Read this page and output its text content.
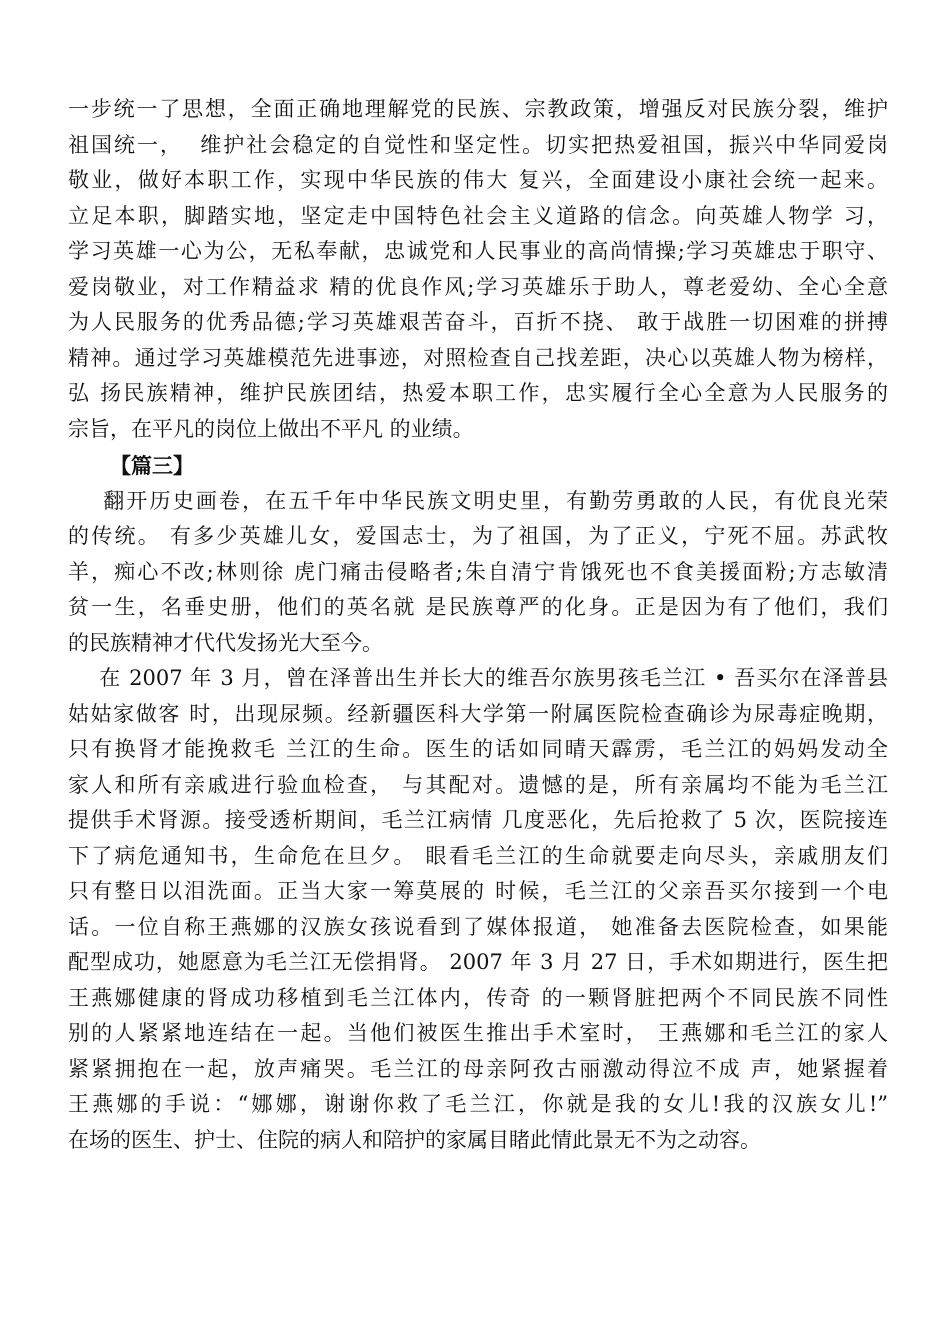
一步统一了思想，全面正确地理解党的民族、宗教政策，增强反对民族分裂，维护
祖国统一，  维护社会稳定的自觉性和坚定性。切实把热爱祖国，振兴中华同爱岗
敬业，做好本职工作，实现中华民族的伟大 复兴，全面建设小康社会统一起来。
立足本职，脚踏实地，坚定走中国特色社会主义道路的信念。向英雄人物学 习，
学习英雄一心为公，无私奉献，忠诚党和人民事业的高尚情操;学习英雄忠于职守、
爱岗敬业，对工作精益求 精的优良作风;学习英雄乐于助人，尊老爱幼、全心全意
为人民服务的优秀品德;学习英雄艰苦奋斗，百折不挠、 敢于战胜一切困难的拼搏
精神。通过学习英雄模范先进事迹，对照检查自己找差距，决心以英雄人物为榜样，
弘 扬民族精神，维护民族团结，热爱本职工作，忠实履行全心全意为人民服务的
宗旨，在平凡的岗位上做出不平凡 的业绩。
【篇三】
翻开历史画卷，在五千年中华民族文明史里，有勤劳勇敢的人民，有优良光荣
的传统。 有多少英雄儿女，爱国志士，为了祖国，为了正义，宁死不屈。苏武牧
羊，痴心不改;林则徐 虎门痛击侵略者;朱自清宁肯饿死也不食美援面粉;方志敏清
贫一生，名垂史册，他们的英名就 是民族尊严的化身。正是因为有了他们，我们
的民族精神才代代发扬光大至今。
在 2007 年 3 月，曾在泽普出生并长大的维吾尔族男孩毛兰江 • 吾买尔在泽普县
姑姑家做客 时，出现尿频。经新疆医科大学第一附属医院检查确诊为尿毒症晚期，
只有换肾才能挽救毛 兰江的生命。医生的话如同晴天霹雳，毛兰江的妈妈发动全
家人和所有亲戚进行验血检查， 与其配对。遗憾的是，所有亲属均不能为毛兰江
提供手术肾源。接受透析期间，毛兰江病情 几度恶化，先后抢救了 5 次，医院接连
下了病危通知书，生命危在旦夕。 眼看毛兰江的生命就要走向尽头，亲戚朋友们
只有整日以泪洗面。正当大家一筹莫展的 时候，毛兰江的父亲吾买尔接到一个电
话。一位自称王燕娜的汉族女孩说看到了媒体报道， 她准备去医院检查，如果能
配型成功，她愿意为毛兰江无偿捐肾。 2007 年 3 月 27 日，手术如期进行，医生把
王燕娜健康的肾成功移植到毛兰江体内，传奇 的一颗肾脏把两个不同民族不同性
别的人紧紧地连结在一起。当他们被医生推出手术室时， 王燕娜和毛兰江的家人
紧紧拥抱在一起，放声痛哭。毛兰江的母亲阿孜古丽激动得泣不成 声，她紧握着
王燕娜的手说：“娜娜，谢谢你救了毛兰江，你就是我的女儿!我的汉族女儿!”
在场的医生、护士、住院的病人和陪护的家属目睹此情此景无不为之动容。
